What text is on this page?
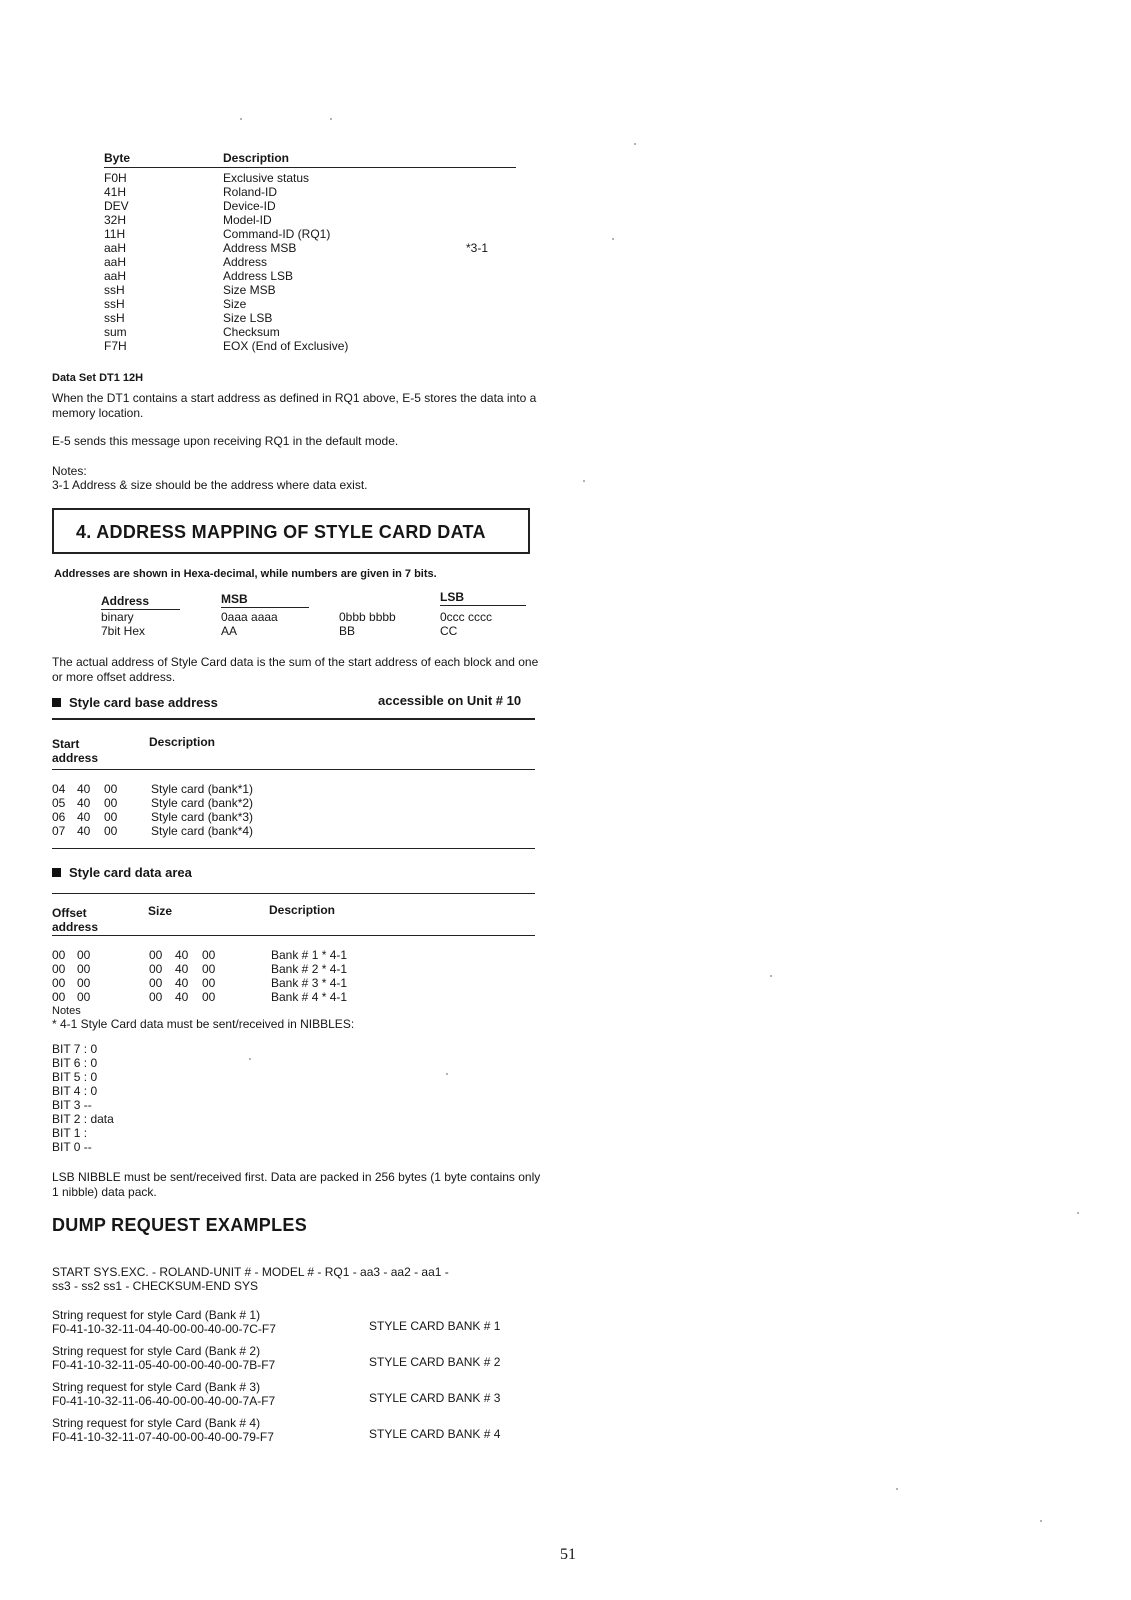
Byte	Description
F0H	Exclusive status
41H	Roland-ID
DEV	Device-ID
32H	Model-ID
11H	Command-ID (RQ1)
aaH	Address MSB	*3-1
aaH	Address
aaH	Address LSB
ssH	Size MSB
ssH	Size
ssH	Size LSB
sum	Checksum
F7H	EOX (End of Exclusive)
Data Set DT1 12H
When the DT1 contains a start address as defined in RQ1 above, E-5 stores the data into a memory location.
E-5 sends this message upon receiving RQ1 in the default mode.
Notes:
3-1 Address & size should be the address where data exist.
4. ADDRESS MAPPING OF STYLE CARD DATA
Addresses are shown in Hexa-decimal, while numbers are given in 7 bits.
Address	MSB	LSB
binary	0aaa aaaa	0bbb bbbb	0ccc cccc
7bit Hex	AA	BB	CC
The actual address of Style Card data is the sum of the start address of each block and one or more offset address.
Style card base address	accessible on Unit # 10
Start
address
Description
04 40 00	Style card (bank*1)
05 40 00	Style card (bank*2)
06 40 00	Style card (bank*3)
07 40 00	Style card (bank*4)
Style card data area
Offset
address
Size	Description
00 00	00 40 00	Bank # 1 * 4-1
00 00	00 40 00	Bank # 2 * 4-1
00 00	00 40 00	Bank # 3 * 4-1
00 00	00 40 00	Bank # 4 * 4-1
Notes
* 4-1 Style Card data must be sent/received in NIBBLES:
BIT 7 : 0
BIT 6 : 0
BIT 5 : 0
BIT 4 : 0
BIT 3 --
BIT 2 : data
BIT 1 :
BIT 0 --
LSB NIBBLE must be sent/received first. Data are packed in 256 bytes (1 byte contains only 1 nibble) data pack.
DUMP REQUEST EXAMPLES
START SYS.EXC. - ROLAND-UNIT # - MODEL # - RQ1 - aa3 - aa2 - aa1 -
ss3 - ss2 ss1 - CHECKSUM-END SYS
String request for style Card (Bank # 1)
F0-41-10-32-11-04-40-00-00-40-00-7C-F7	STYLE CARD BANK # 1
String request for style Card (Bank # 2)
F0-41-10-32-11-05-40-00-00-40-00-7B-F7	STYLE CARD BANK # 2
String request for style Card (Bank # 3)
F0-41-10-32-11-06-40-00-00-40-00-7A-F7	STYLE CARD BANK # 3
String request for style Card (Bank # 4)
F0-41-10-32-11-07-40-00-00-40-00-79-F7	STYLE CARD BANK # 4
51
